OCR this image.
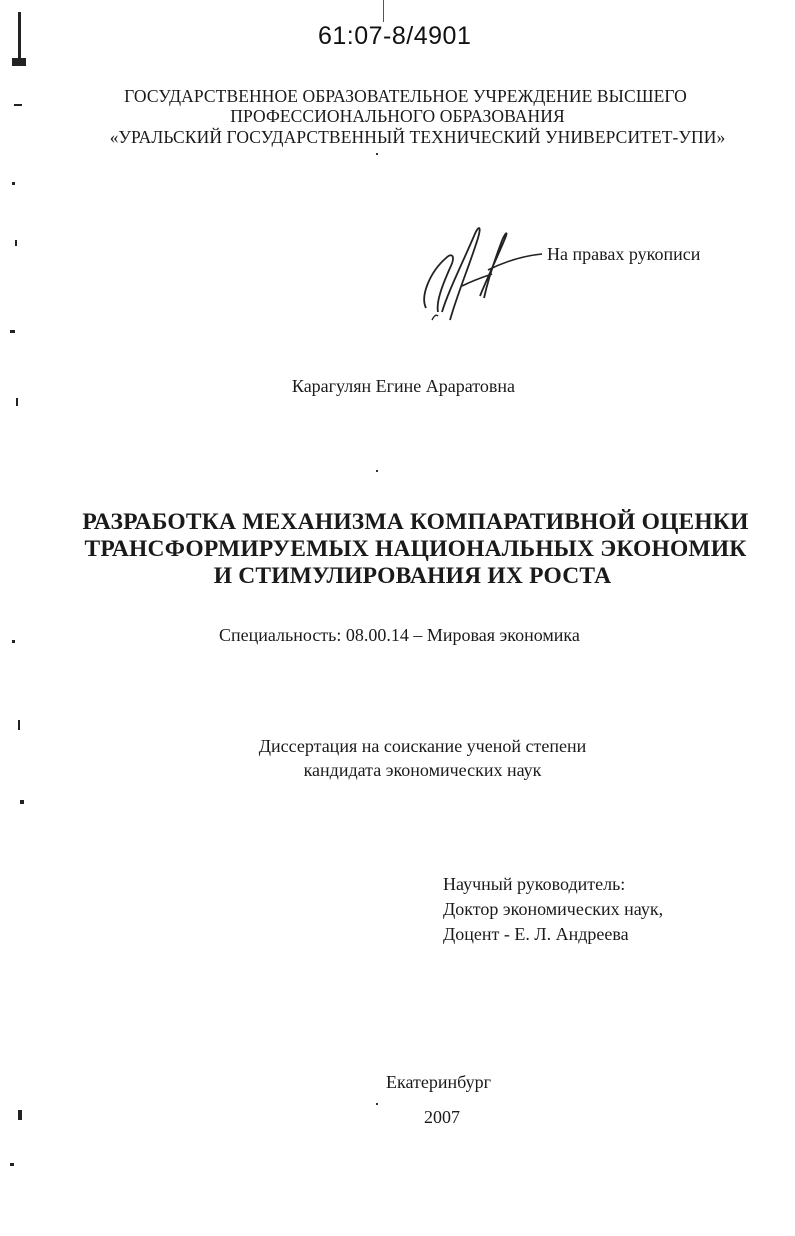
61:07-8/4901
ГОСУДАРСТВЕННОЕ ОБРАЗОВАТЕЛЬНОЕ УЧРЕЖДЕНИЕ ВЫСШЕГО
ПРОФЕССИОНАЛЬНОГО ОБРАЗОВАНИЯ
«УРАЛЬСКИЙ ГОСУДАРСТВЕННЫЙ ТЕХНИЧЕСКИЙ УНИВЕРСИТЕТ-УПИ»
На правах рукописи
Карагулян Егине Араратовна
РАЗРАБОТКА МЕХАНИЗМА КОМПАРАТИВНОЙ ОЦЕНКИ
ТРАНСФОРМИРУЕМЫХ НАЦИОНАЛЬНЫХ ЭКОНОМИК
И СТИМУЛИРОВАНИЯ ИХ РОСТА
Специальность: 08.00.14 – Мировая экономика
Диссертация на соискание ученой степени
кандидата экономических наук
Научный руководитель:
Доктор экономических наук,
Доцент - Е. Л. Андреева
Екатеринбург
2007
